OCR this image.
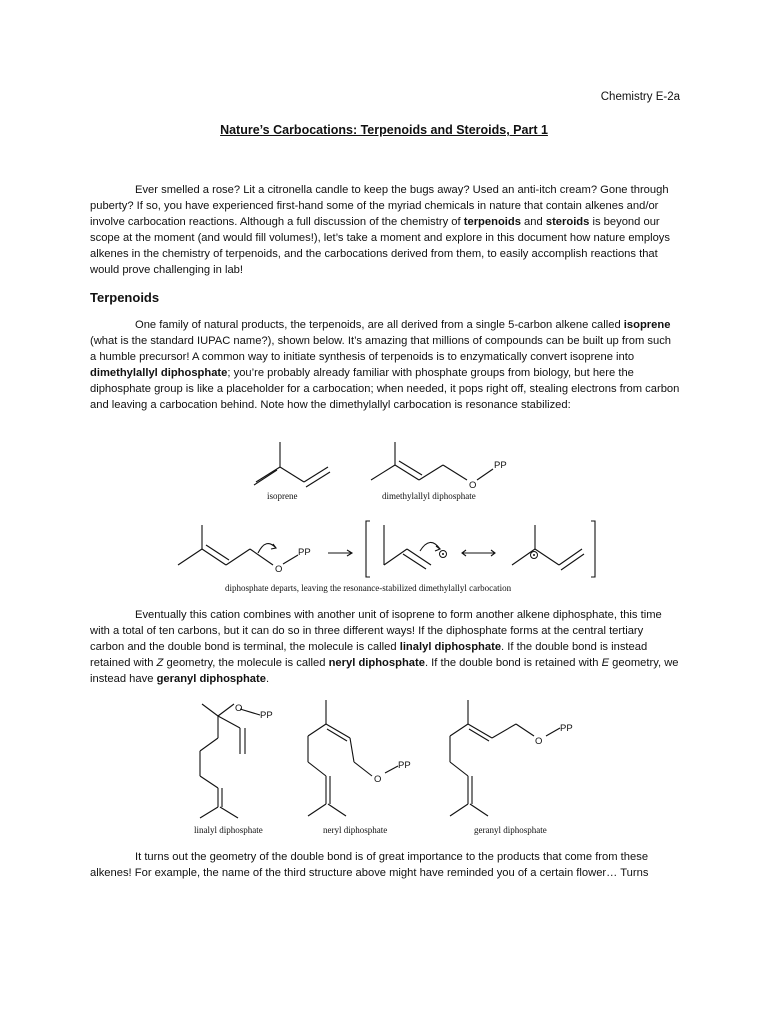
Chemistry E-2a
Nature’s Carbocations: Terpenoids and Steroids, Part 1

Ever smelled a rose? Lit a citronella candle to keep the bugs away? Used an anti-itch cream? Gone through puberty? If so, you have experienced first-hand some of the myriad chemicals in nature that contain alkenes and/or involve carbocation reactions. Although a full discussion of the chemistry of terpenoids and steroids is beyond our scope at the moment (and would fill volumes!), let’s take a moment and explore in this document how nature employs alkenes in the chemistry of terpenoids, and the carbocations derived from them, to easily accomplish reactions that would prove challenging in lab!

Terpenoids

One family of natural products, the terpenoids, are all derived from a single 5-carbon alkene called isoprene (what is the standard IUPAC name?), shown below. It’s amazing that millions of compounds can be built up from such a humble precursor! A common way to initiate synthesis of terpenoids is to enzymatically convert isoprene into dimethylallyl diphosphate; you’re probably already familiar with phosphate groups from biology, but here the diphosphate group is like a placeholder for a carbocation; when needed, it pops right off, stealing electrons from carbon and leaving a carbocation behind. Note how the dimethylallyl carbocation is resonance stabilized:

isoprene
O
PP
dimethylallyl diphosphate
O
PP
diphosphate departs, leaving the resonance-stabilized dimethylallyl carbocation

Eventually this cation combines with another unit of isoprene to form another alkene diphosphate, this time with a total of ten carbons, but it can do so in three different ways! If the diphosphate forms at the central tertiary carbon and the double bond is terminal, the molecule is called linalyl diphosphate. If the double bond is instead retained with Z geometry, the molecule is called neryl diphosphate. If the double bond is retained with E geometry, we instead have geranyl diphosphate.

O
PP
linalyl diphosphate
O
PP
neryl diphosphate
O
PP
geranyl diphosphate

It turns out the geometry of the double bond is of great importance to the products that come from these alkenes! For example, the name of the third structure above might have reminded you of a certain flower… Turns
